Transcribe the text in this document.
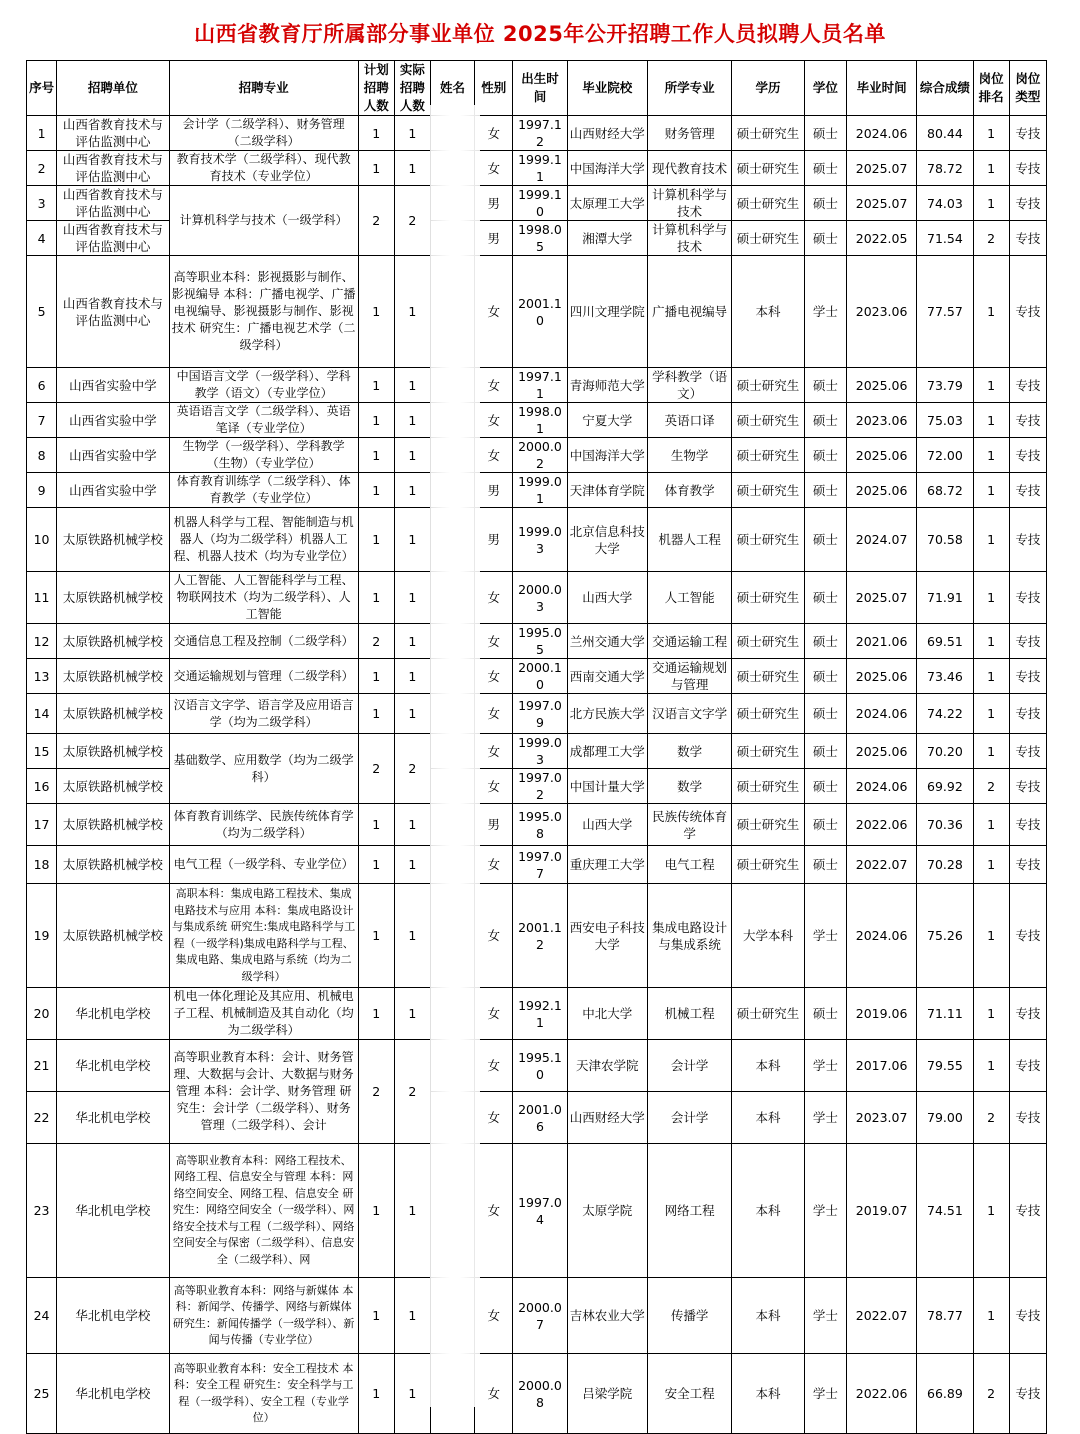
山西省教育厅所属部分事业单位 2025年公开招聘工作人员拟聘人员名单
序号	招聘单位	招聘专业	计划招聘人数	实际招聘人数	姓名	性别	出生时间	毕业院校	所学专业	学历	学位	毕业时间	综合成绩	岗位排名	岗位类型
1	山西省教育技术与评估监测中心	会计学（二级学科）、财务管理（二级学科）	1	1		女	1997.12	山西财经大学	财务管理	硕士研究生	硕士	2024.06	80.44	1	专技
2	山西省教育技术与评估监测中心	教育技术学（二级学科）、现代教育技术（专业学位）	1	1		女	1999.11	中国海洋大学	现代教育技术	硕士研究生	硕士	2025.07	78.72	1	专技
3	山西省教育技术与评估监测中心	计算机科学与技术（一级学科）	2	2		男	1999.10	太原理工大学	计算机科学与技术	硕士研究生	硕士	2025.07	74.03	1	专技
4	山西省教育技术与评估监测中心					男	1998.05	湘潭大学	计算机科学与技术	硕士研究生	硕士	2022.05	71.54	2	专技
5	山西省教育技术与评估监测中心	高等职业本科：影视摄影与制作、影视编导 本科：广播电视学、广播电视编导、影视摄影与制作、影视技术 研究生：广播电视艺术学（二级学科）	1	1		女	2001.10	四川文理学院	广播电视编导	本科	学士	2023.06	77.57	1	专技
6	山西省实验中学	中国语言文学（一级学科）、学科教学（语文）（专业学位）	1	1		女	1997.11	青海师范大学	学科教学（语文）	硕士研究生	硕士	2025.06	73.79	1	专技
7	山西省实验中学	英语语言文学（二级学科）、英语笔译（专业学位）	1	1		女	1998.01	宁夏大学	英语口译	硕士研究生	硕士	2023.06	75.03	1	专技
8	山西省实验中学	生物学（一级学科）、学科教学（生物）（专业学位）	1	1		女	2000.02	中国海洋大学	生物学	硕士研究生	硕士	2025.06	72.00	1	专技
9	山西省实验中学	体育教育训练学（二级学科）、体育教学（专业学位）	1	1		男	1999.01	天津体育学院	体育教学	硕士研究生	硕士	2025.06	68.72	1	专技
10	太原铁路机械学校	机器人科学与工程、智能制造与机器人（均为二级学科）机器人工程、机器人技术（均为专业学位）	1	1		男	1999.03	北京信息科技大学	机器人工程	硕士研究生	硕士	2024.07	70.58	1	专技
11	太原铁路机械学校	人工智能、人工智能科学与工程、物联网技术（均为二级学科）、人工智能	1	1		女	2000.03	山西大学	人工智能	硕士研究生	硕士	2025.07	71.91	1	专技
12	太原铁路机械学校	交通信息工程及控制（二级学科）	2	1		女	1995.05	兰州交通大学	交通运输工程	硕士研究生	硕士	2021.06	69.51	1	专技
13	太原铁路机械学校	交通运输规划与管理（二级学科）	1	1		女	2000.10	西南交通大学	交通运输规划与管理	硕士研究生	硕士	2025.06	73.46	1	专技
14	太原铁路机械学校	汉语言文字学、语言学及应用语言学（均为二级学科）	1	1		女	1997.09	北方民族大学	汉语言文字学	硕士研究生	硕士	2024.06	74.22	1	专技
15	太原铁路机械学校	基础数学、应用数学（均为二级学科）	2	2		女	1999.03	成都理工大学	数学	硕士研究生	硕士	2025.06	70.20	1	专技
16	太原铁路机械学校					女	1997.02	中国计量大学	数学	硕士研究生	硕士	2024.06	69.92	2	专技
17	太原铁路机械学校	体育教育训练学、民族传统体育学（均为二级学科）	1	1		男	1995.08	山西大学	民族传统体育学	硕士研究生	硕士	2022.06	70.36	1	专技
18	太原铁路机械学校	电气工程（一级学科、专业学位）	1	1		女	1997.07	重庆理工大学	电气工程	硕士研究生	硕士	2022.07	70.28	1	专技
19	太原铁路机械学校	高职本科：集成电路工程技术、集成电路技术与应用 本科：集成电路设计与集成系统 研究生:集成电路科学与工程（一级学科)集成电路科学与工程、集成电路、集成电路与系统（均为二级学科）	1	1		女	2001.12	西安电子科技大学	集成电路设计与集成系统	大学本科	学士	2024.06	75.26	1	专技
20	华北机电学校	机电一体化理论及其应用、机械电子工程、机械制造及其自动化（均为二级学科）	1	1		女	1992.11	中北大学	机械工程	硕士研究生	硕士	2019.06	71.11	1	专技
21	华北机电学校	高等职业教育本科：会计、财务管理、大数据与会计、大数据与财务管理 本科：会计学、财务管理 研究生：会计学（二级学科）、财务管理（二级学科）、会计	2	2		女	1995.10	天津农学院	会计学	本科	学士	2017.06	79.55	1	专技
22	华北机电学校					女	2001.06	山西财经大学	会计学	本科	学士	2023.07	79.00	2	专技
23	华北机电学校	高等职业教育本科：网络工程技术、网络工程、信息安全与管理 本科：网络空间安全、网络工程、信息安全 研究生：网络空间安全（一级学科）、网络安全技术与工程（二级学科）、网络空间安全与保密（二级学科）、信息安全（二级学科）、网	1	1		女	1997.04	太原学院	网络工程	本科	学士	2019.07	74.51	1	专技
24	华北机电学校	高等职业教育本科：网络与新媒体 本科：新闻学、传播学、网络与新媒体 研究生：新闻传播学（一级学科）、新闻与传播（专业学位）	1	1		女	2000.07	吉林农业大学	传播学	本科	学士	2022.07	78.77	1	专技
25	华北机电学校	高等职业教育本科：安全工程技术 本科：安全工程 研究生：安全科学与工程（一级学科）、安全工程（专业学位）	1	1		女	2000.08	吕梁学院	安全工程	本科	学士	2022.06	66.89	2	专技
